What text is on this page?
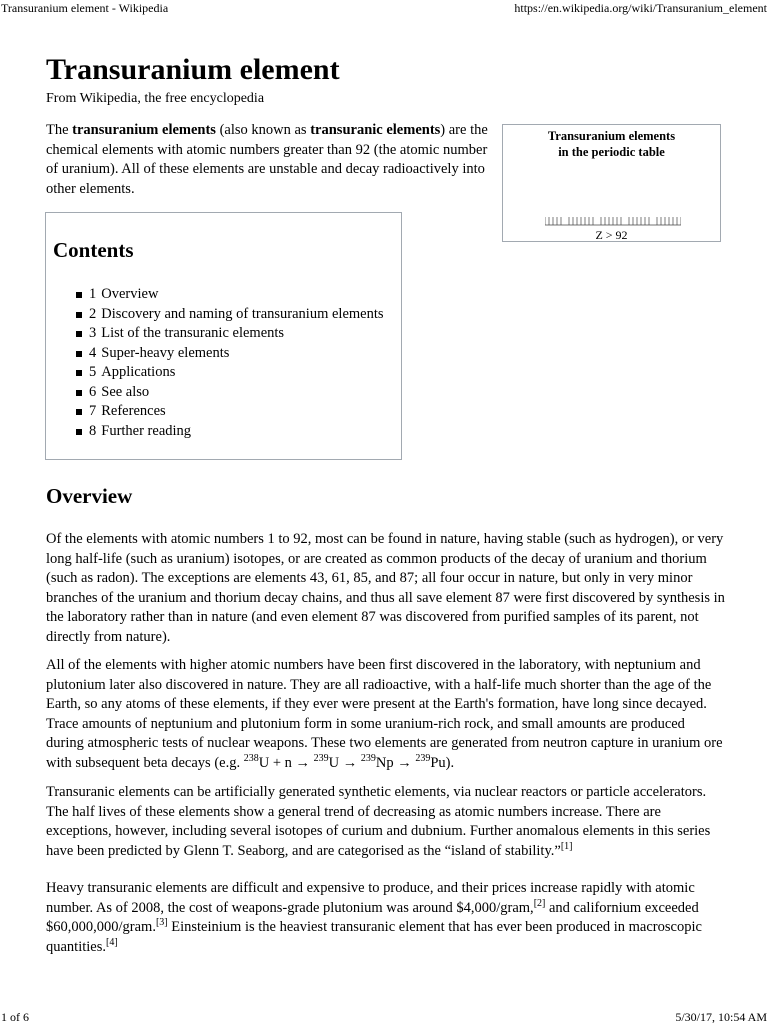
Transuranium element - Wikipedia	https://en.wikipedia.org/wiki/Transuranium_element
Transuranium element
From Wikipedia, the free encyclopedia

The transuranium elements (also known as transuranic elements) are the chemical elements with atomic numbers greater than 92 (the atomic number of uranium). All of these elements are unstable and decay radioactively into other elements.

Transuranium elements
in the periodic table
Z > 92
Contents
1 Overview
2 Discovery and naming of transuranium elements
3 List of the transuranic elements
4 Super-heavy elements
5 Applications
6 See also
7 References
8 Further reading
Overview

Of the elements with atomic numbers 1 to 92, most can be found in nature, having stable (such as hydrogen), or very long half-life (such as uranium) isotopes, or are created as common products of the decay of uranium and thorium (such as radon). The exceptions are elements 43, 61, 85, and 87; all four occur in nature, but only in very minor branches of the uranium and thorium decay chains, and thus all save element 87 were first discovered by synthesis in the laboratory rather than in nature (and even element 87 was discovered from purified samples of its parent, not directly from nature).

All of the elements with higher atomic numbers have been first discovered in the laboratory, with neptunium and plutonium later also discovered in nature. They are all radioactive, with a half-life much shorter than the age of the Earth, so any atoms of these elements, if they ever were present at the Earth's formation, have long since decayed. Trace amounts of neptunium and plutonium form in some uranium-rich rock, and small amounts are produced during atmospheric tests of nuclear weapons. These two elements are generated from neutron capture in uranium ore with subsequent beta decays (e.g. $^{238}$U + n → $^{239}$U → $^{239}$Np → $^{239}$Pu).

Transuranic elements can be artificially generated synthetic elements, via nuclear reactors or particle accelerators. The half lives of these elements show a general trend of decreasing as atomic numbers increase. There are exceptions, however, including several isotopes of curium and dubnium. Further anomalous elements in this series have been predicted by Glenn T. Seaborg, and are categorised as the “island of stability.”[1]

Heavy transuranic elements are difficult and expensive to produce, and their prices increase rapidly with atomic number. As of 2008, the cost of weapons-grade plutonium was around $4,000/gram,[2] and californium exceeded $60,000,000/gram.[3] Einsteinium is the heaviest transuranic element that has ever been produced in macroscopic quantities.[4]

1 of 6	5/30/17, 10:54 AM
